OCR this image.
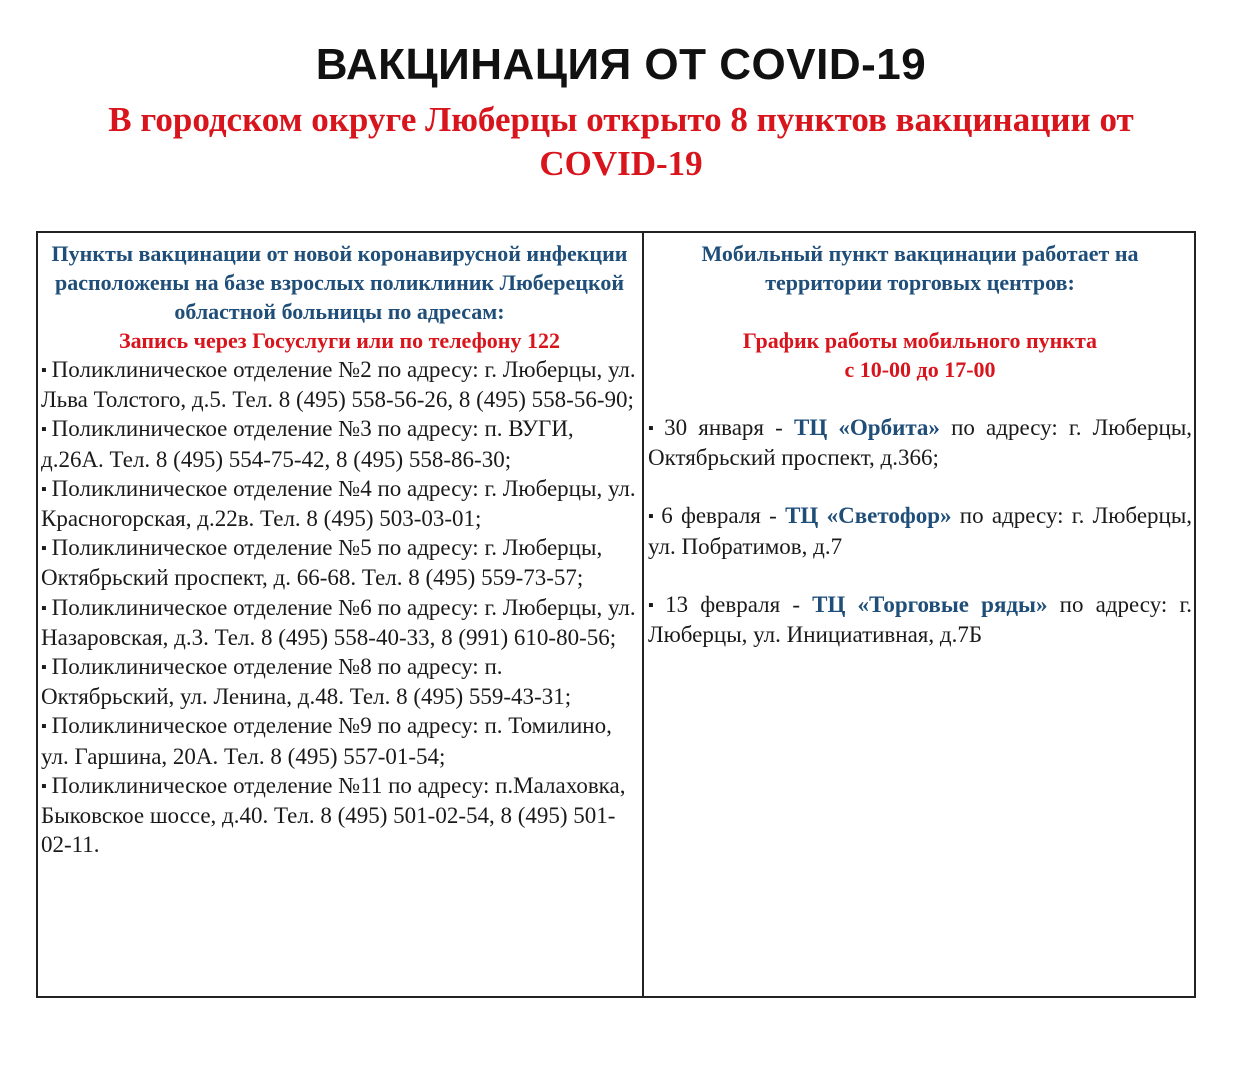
ВАКЦИНАЦИЯ ОТ COVID-19
В городском округе Люберцы открыто 8 пунктов вакцинации от COVID-19

Пункты вакцинации от новой коронавирусной инфекции расположены на базе взрослых поликлиник Люберецкой областной больницы по адресам:

Запись через Госуслуги или по телефону 122

▪ Поликлиническое отделение №2 по адресу: г. Люберцы, ул. Льва Толстого, д.5. Тел. 8 (495) 558-56-26, 8 (495) 558-56-90;
▪ Поликлиническое отделение №3 по адресу: п. ВУГИ, д.26А. Тел. 8 (495) 554-75-42, 8 (495) 558-86-30;
▪ Поликлиническое отделение №4 по адресу: г. Люберцы, ул. Красногорская, д.22в. Тел. 8 (495) 503-03-01;
▪ Поликлиническое отделение №5 по адресу: г. Люберцы, Октябрьский проспект, д. 66-68. Тел. 8 (495) 559-73-57;
▪ Поликлиническое отделение №6 по адресу: г. Люберцы, ул. Назаровская, д.3. Тел. 8 (495) 558-40-33, 8 (991) 610-80-56;
▪ Поликлиническое отделение №8 по адресу: п. Октябрьский, ул. Ленина, д.48. Тел. 8 (495) 559-43-31;
▪ Поликлиническое отделение №9 по адресу: п. Томилино, ул. Гаршина, 20А. Тел. 8 (495) 557-01-54;
▪ Поликлиническое отделение №11 по адресу: п.Малаховка, Быковское шоссе, д.40. Тел. 8 (495) 501-02-54, 8 (495) 501-02-11.

Мобильный пункт вакцинации работает на территории торговых центров:

График работы мобильного пункта

с 10-00 до 17-00

▪ 30 января - ТЦ «Орбита» по адресу: г. Люберцы, Октябрьский проспект, д.366;
▪ 6 февраля - ТЦ «Светофор» по адресу: г. Люберцы, ул. Побратимов, д.7
▪ 13 февраля - ТЦ «Торговые ряды» по адресу: г. Люберцы, ул. Инициативная, д.7Б
